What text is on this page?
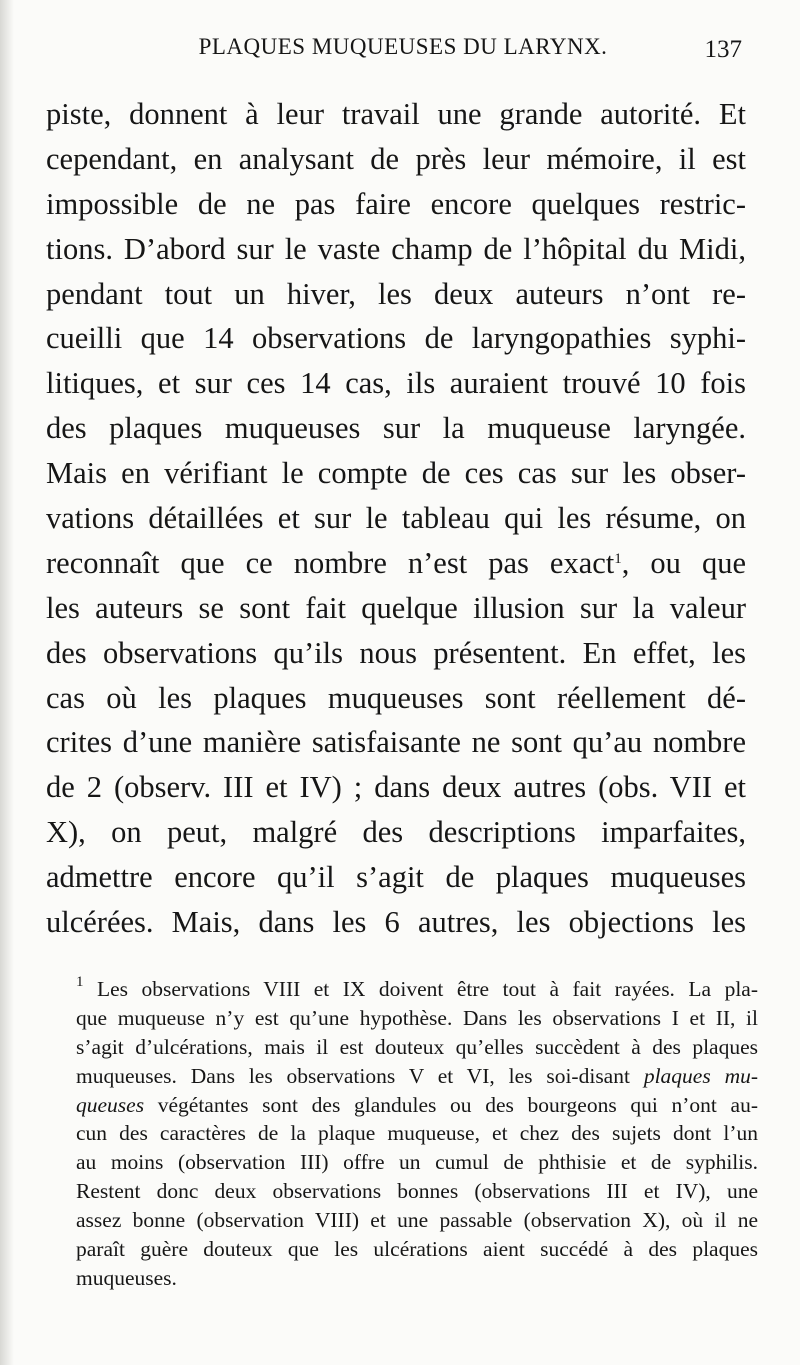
PLAQUES MUQUEUSES DU LARYNX.	137
piste, donnent à leur travail une grande autorité. Et
cependant, en analysant de près leur mémoire, il est
impossible de ne pas faire encore quelques restric-
tions. D’abord sur le vaste champ de l’hôpital du Midi,
pendant tout un hiver, les deux auteurs n’ont re-
cueilli que 14 observations de laryngopathies syphi-
litiques, et sur ces 14 cas, ils auraient trouvé 10 fois
des plaques muqueuses sur la muqueuse laryngée.
Mais en vérifiant le compte de ces cas sur les obser-
vations détaillées et sur le tableau qui les résume, on
reconnaît que ce nombre n’est pas exact$^1$, ou que
les auteurs se sont fait quelque illusion sur la valeur
des observations qu’ils nous présentent. En effet, les
cas où les plaques muqueuses sont réellement dé-
crites d’une manière satisfaisante ne sont qu’au nombre
de 2 (observ. III et IV) ; dans deux autres (obs. VII et
X), on peut, malgré des descriptions imparfaites,
admettre encore qu’il s’agit de plaques muqueuses
ulcérées. Mais, dans les 6 autres, les objections les
$^1$ Les observations VIII et IX doivent être tout à fait rayées. La pla-
que muqueuse n’y est qu’une hypothèse. Dans les observations I et II, il
s’agit d’ulcérations, mais il est douteux qu’elles succèdent à des plaques
muqueuses. Dans les observations V et VI, les soi-disant plaques mu-
queuses végétantes sont des glandules ou des bourgeons qui n’ont au-
cun des caractères de la plaque muqueuse, et chez des sujets dont l’un
au moins (observation III) offre un cumul de phthisie et de syphilis.
Restent donc deux observations bonnes (observations III et IV), une
assez bonne (observation VIII) et une passable (observation X), où il ne
paraît guère douteux que les ulcérations aient succédé à des plaques
muqueuses.
